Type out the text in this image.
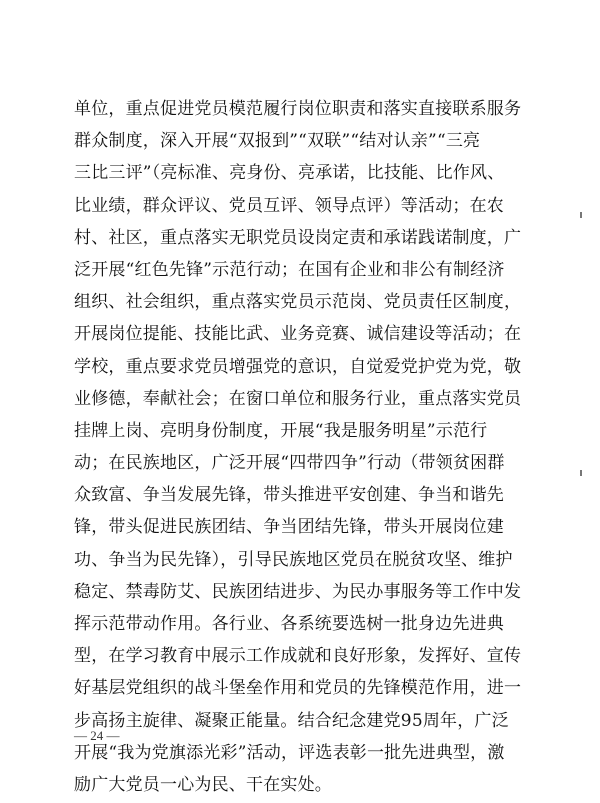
单位，重点促进党员模范履行岗位职责和落实直接联系服务
群众制度，深入开展“双报到”“双联”“结对认亲”“三亮
三比三评”（亮标准、亮身份、亮承诺，比技能、比作风、
比业绩，群众评议、党员互评、领导点评）等活动；在农
村、社区，重点落实无职党员设岗定责和承诺践诺制度，广
泛开展“红色先锋”示范行动；在国有企业和非公有制经济
组织、社会组织，重点落实党员示范岗、党员责任区制度，
开展岗位提能、技能比武、业务竞赛、诚信建设等活动；在
学校，重点要求党员增强党的意识，自觉爱党护党为党，敬
业修德，奉献社会；在窗口单位和服务行业，重点落实党员
挂牌上岗、亮明身份制度，开展“我是服务明星”示范行
动；在民族地区，广泛开展“四带四争”行动（带领贫困群
众致富、争当发展先锋，带头推进平安创建、争当和谐先
锋，带头促进民族团结、争当团结先锋，带头开展岗位建
功、争当为民先锋），引导民族地区党员在脱贫攻坚、维护
稳定、禁毒防艾、民族团结进步、为民办事服务等工作中发
挥示范带动作用。各行业、各系统要选树一批身边先进典
型，在学习教育中展示工作成就和良好形象，发挥好、宣传
好基层党组织的战斗堡垒作用和党员的先锋模范作用，进一
步高扬主旋律、凝聚正能量。结合纪念建党95周年，广泛
开展“我为党旗添光彩”活动，评选表彰一批先进典型，激
励广大党员一心为民、干在实处。
— 24 —
